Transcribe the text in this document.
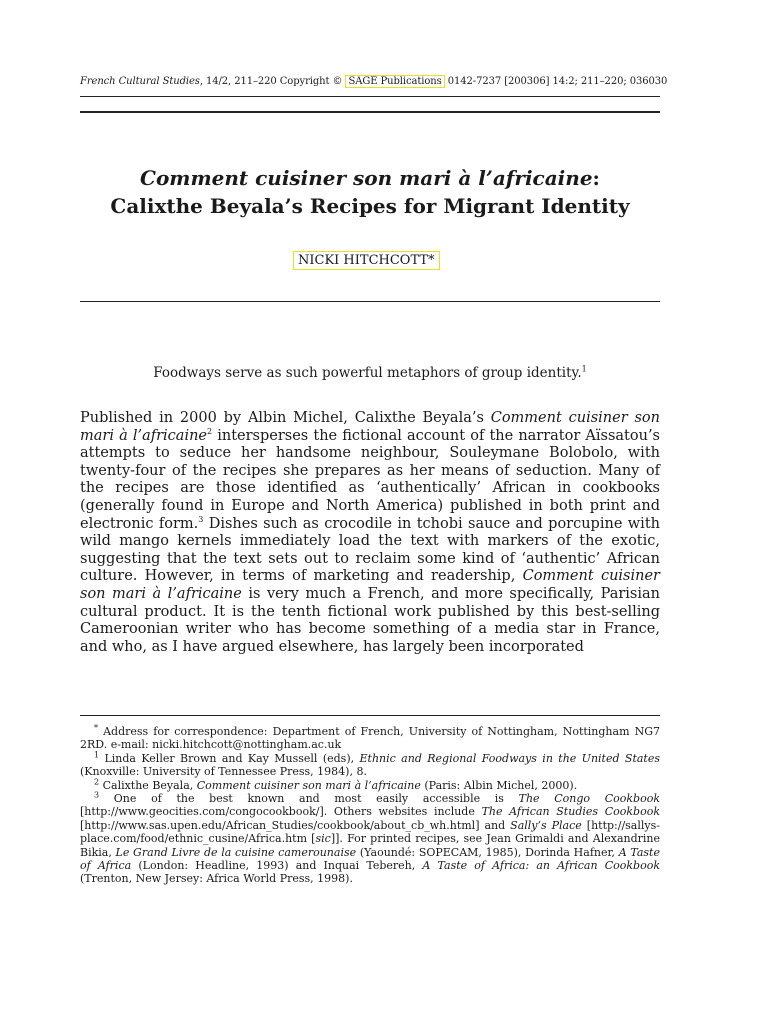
French Cultural Studies, 14/2, 211–220 Copyright © SAGE Publications 0142-7237 [200306] 14:2; 211–220; 036030
Comment cuisiner son mari à l’africaine:
Calixthe Beyala’s Recipes for Migrant Identity
NICKI HITCHCOTT*
Foodways serve as such powerful metaphors of group identity.$^1$

Published in 2000 by Albin Michel, Calixthe Beyala’s Comment cuisiner son mari à l’africaine$^2$ intersperses the fictional account of the narrator Aïssatou’s attempts to seduce her handsome neighbour, Souleymane Bolobolo, with twenty-four of the recipes she prepares as her means of seduction. Many of the recipes are those identified as ‘authentically’ African in cookbooks (generally found in Europe and North America) published in both print and electronic form.$^3$ Dishes such as crocodile in tchobi sauce and porcupine with wild mango kernels immediately load the text with markers of the exotic, suggesting that the text sets out to reclaim some kind of ‘authentic’ African culture. However, in terms of marketing and readership, Comment cuisiner son mari à l’africaine is very much a French, and more specifically, Parisian cultural product. It is the tenth fictional work published by this best-selling Cameroonian writer who has become something of a media star in France, and who, as I have argued elsewhere, has largely been incorporated

* Address for correspondence: Department of French, University of Nottingham, Nottingham NG7 2RD. e-mail: nicki.hitchcott@nottingham.ac.uk

$^1$ Linda Keller Brown and Kay Mussell (eds), Ethnic and Regional Foodways in the United States (Knoxville: University of Tennessee Press, 1984), 8.

$^2$ Calixthe Beyala, Comment cuisiner son mari à l’africaine (Paris: Albin Michel, 2000).

$^3$ One of the best known and most easily accessible is The Congo Cookbook [http://www.geocities.com/congocookbook/]. Others websites include The African Studies Cookbook [http://www.sas.upen.edu/African_Studies/cookbook/about_cb_wh.html] and Sally’s Place [http://sallys-place.com/food/ethnic_cusine/Africa.htm [sic]]. For printed recipes, see Jean Grimaldi and Alexandrine Bikia, Le Grand Livre de la cuisine camerounaise (Yaoundé: SOPECAM, 1985), Dorinda Hafner, A Taste of Africa (London: Headline, 1993) and Inquai Tebereh, A Taste of Africa: an African Cookbook (Trenton, New Jersey: Africa World Press, 1998).
